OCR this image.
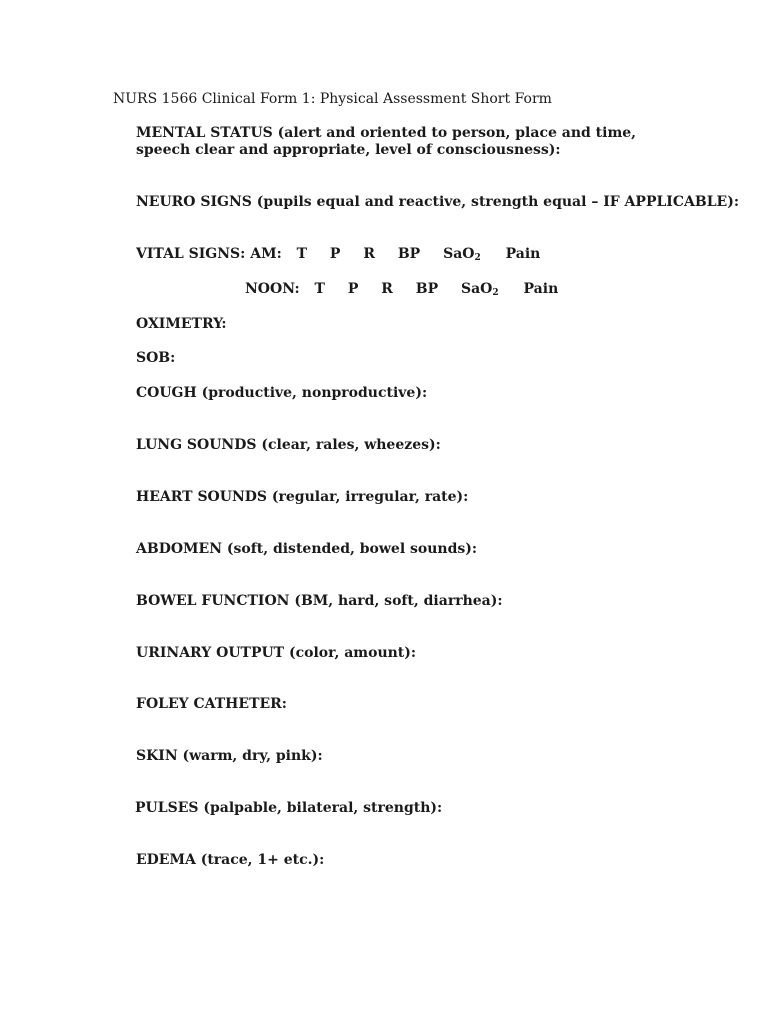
NURS 1566 Clinical Form 1: Physical Assessment Short Form
MENTAL STATUS (alert and oriented to person, place and time, speech clear and appropriate, level of consciousness):
NEURO SIGNS (pupils equal and reactive, strength equal – IF APPLICABLE):
VITAL SIGNS: AM: T P R BP SaO$_2$ Pain
NOON: T P R BP SaO$_2$ Pain
OXIMETRY:
SOB:
COUGH (productive, nonproductive):
LUNG SOUNDS (clear, rales, wheezes):
HEART SOUNDS (regular, irregular, rate):
ABDOMEN (soft, distended, bowel sounds):
BOWEL FUNCTION (BM, hard, soft, diarrhea):
URINARY OUTPUT (color, amount):
FOLEY CATHETER:
SKIN (warm, dry, pink):
PULSES (palpable, bilateral, strength):
EDEMA (trace, 1+ etc.):
